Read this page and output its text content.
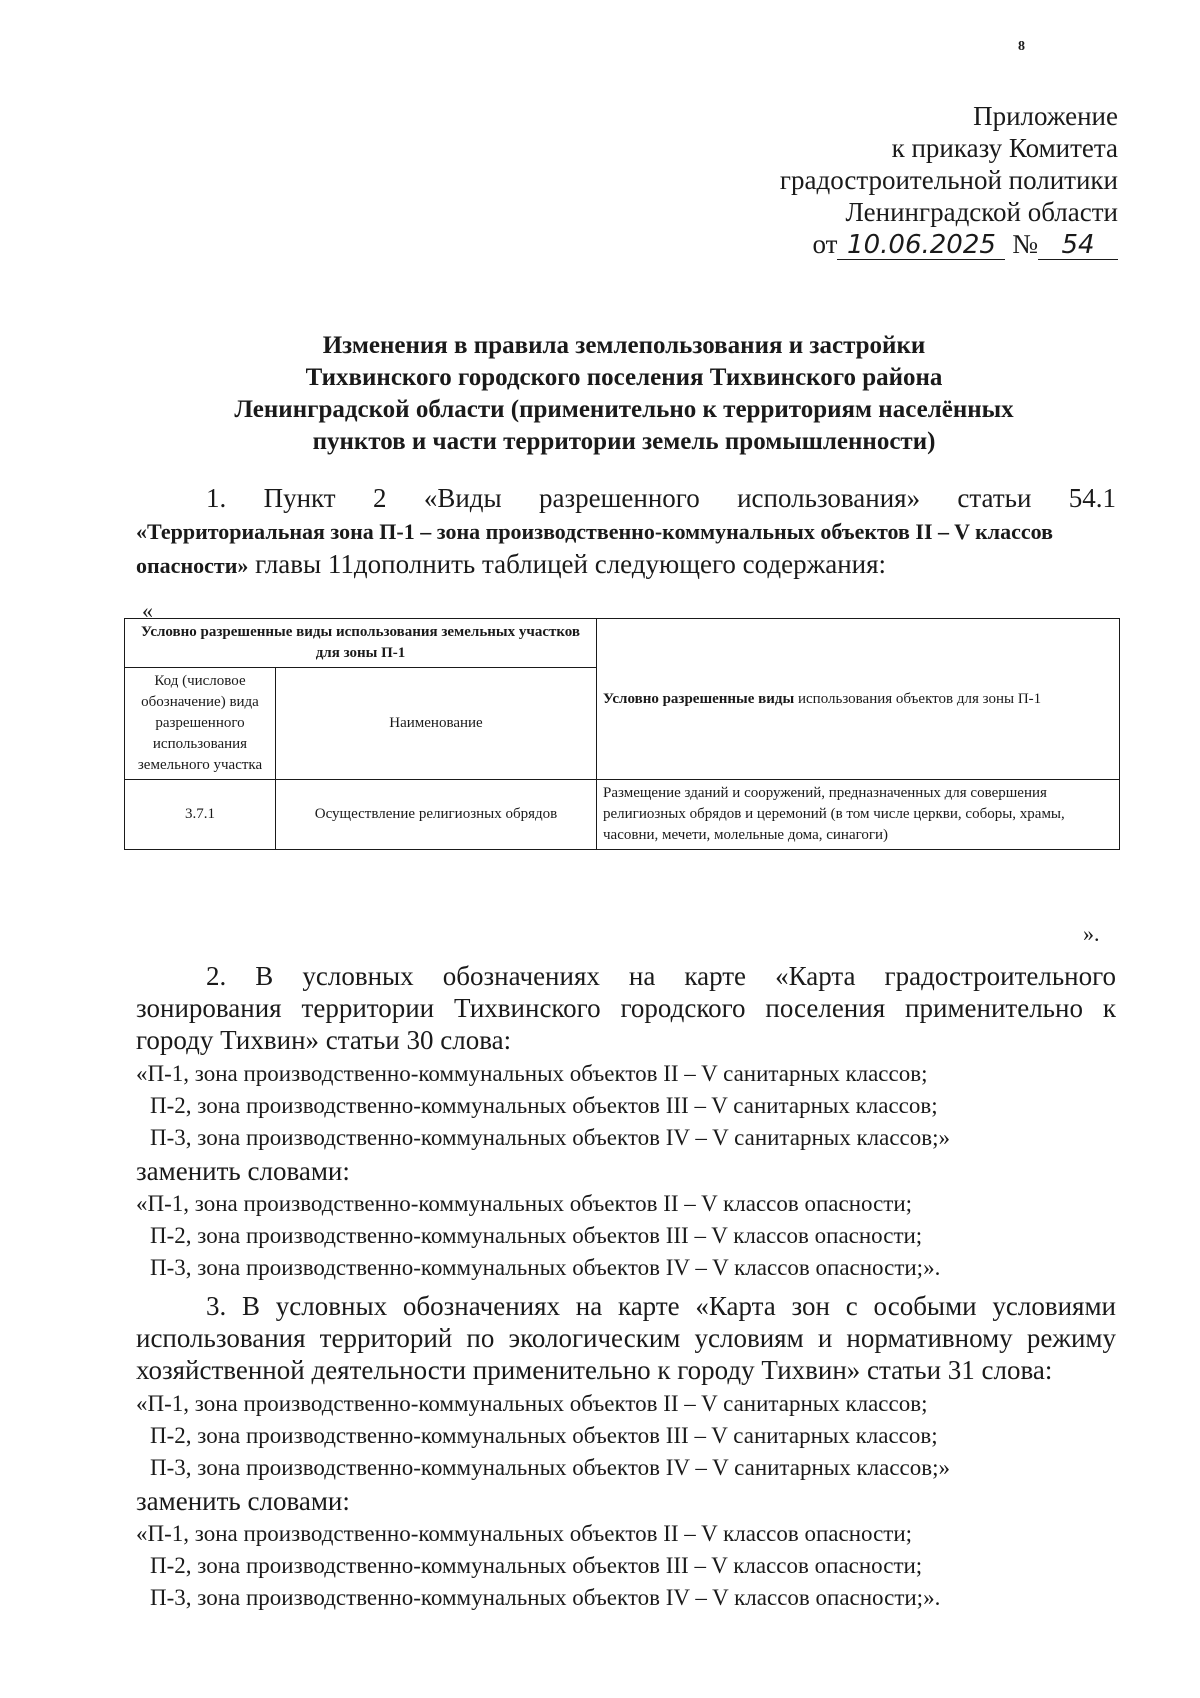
8
Приложение
к приказу Комитета
градостроительной политики
Ленинградской области
от 10.06.2025 № 54
Изменения в правила землепользования и застройки
Тихвинского городского поселения Тихвинского района
Ленинградской области (применительно к территориям населённых
пунктов и части территории земель промышленности)
1. Пункт 2 «Виды разрешенного использования» статьи 54.1
«Территориальная зона П-1 – зона производственно-коммунальных объектов II – V классов опасности» главы 11дополнить таблицей следующего содержания:
«
Условно разрешенные виды использования земельных участков для зоны П-1		Условно разрешенные виды использования объектов для зоны П-1
Код (числовое обозначение) вида разрешенного использования земельного участка	Наименование	
3.7.1	Осуществление религиозных обрядов	Размещение зданий и сооружений, предназначенных для совершения религиозных обрядов и церемоний (в том числе церкви, соборы, храмы, часовни, мечети, молельные дома, синагоги)
».
2. В условных обозначениях на карте «Карта градостроительного
зонирования территории Тихвинского городского поселения применительно к
городу Тихвин» статьи 30 слова:
«П-1, зона производственно-коммунальных объектов II – V санитарных классов;
П-2, зона производственно-коммунальных объектов III – V санитарных классов;
П-3, зона производственно-коммунальных объектов IV – V санитарных классов;»
заменить словами:
«П-1, зона производственно-коммунальных объектов II – V классов опасности;
П-2, зона производственно-коммунальных объектов III – V классов опасности;
П-3, зона производственно-коммунальных объектов IV – V классов опасности;».
3. В условных обозначениях на карте «Карта зон с особыми условиями
использования территорий по экологическим условиям и нормативному режиму
хозяйственной деятельности применительно к городу Тихвин» статьи 31 слова:
«П-1, зона производственно-коммунальных объектов II – V санитарных классов;
П-2, зона производственно-коммунальных объектов III – V санитарных классов;
П-3, зона производственно-коммунальных объектов IV – V санитарных классов;»
заменить словами:
«П-1, зона производственно-коммунальных объектов II – V классов опасности;
П-2, зона производственно-коммунальных объектов III – V классов опасности;
П-3, зона производственно-коммунальных объектов IV – V классов опасности;».
